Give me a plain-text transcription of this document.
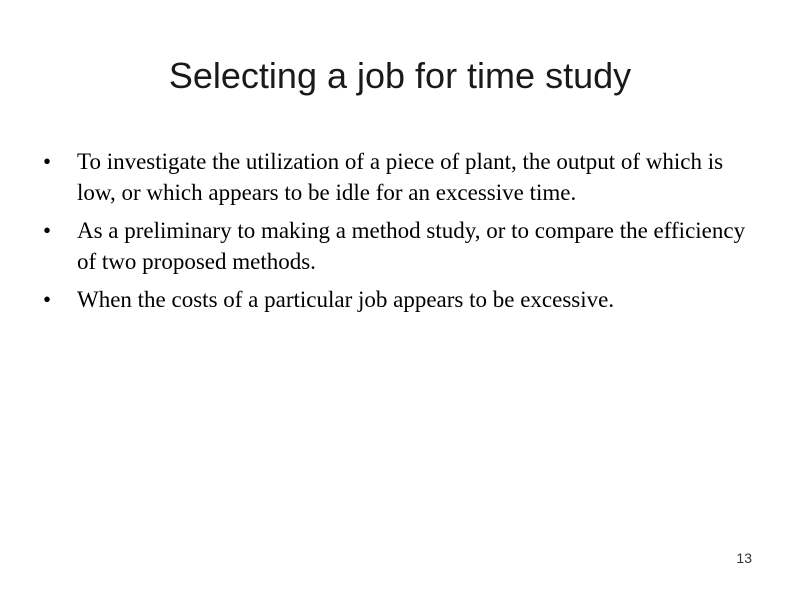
Selecting a job for time study
•	To investigate the utilization of a piece of plant, the output of which is low, or which appears to be idle for an excessive time.
•	As a preliminary to making a method study, or to compare the efficiency of two proposed methods.
•	When the costs of a particular job appears to be excessive.
13
